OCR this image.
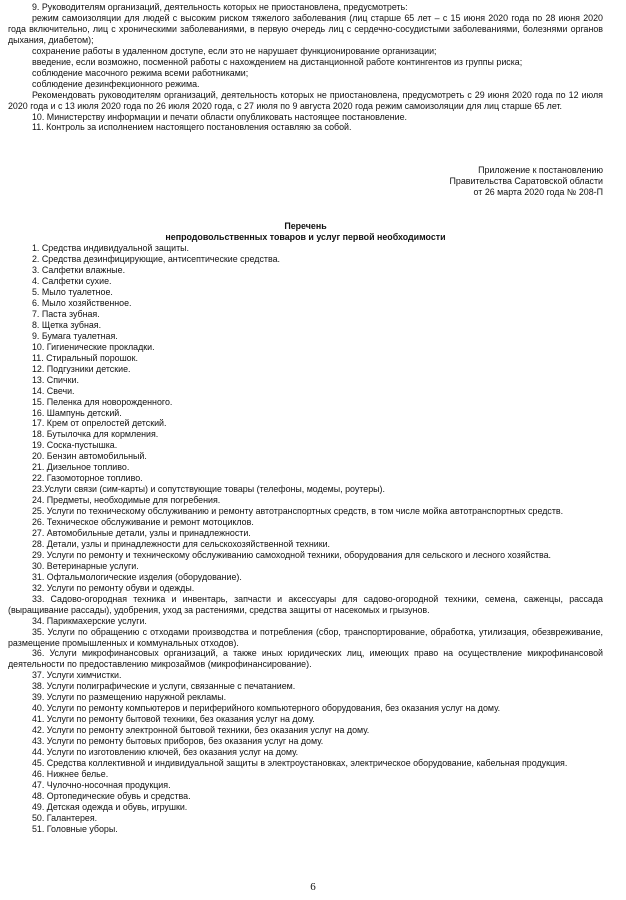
9. Руководителям организаций, деятельность которых не приостановлена, предусмотреть:

режим самоизоляции для людей с высоким риском тяжелого заболевания (лиц старше 65 лет – с 15 июня 2020 года по 28 июня 2020 года включительно, лиц с хроническими заболеваниями, в первую очередь лиц с сердечно-сосудистыми заболеваниями, болезнями органов дыхания, диабетом);

сохранение работы в удаленном доступе, если это не нарушает функционирование организации;

введение, если возможно, посменной работы с нахождением на дистанционной работе контингентов из группы риска;

соблюдение масочного режима всеми работниками;

соблюдение дезинфекционного режима.

Рекомендовать руководителям организаций, деятельность которых не приостановлена, предусмотреть с 29 июня 2020 года по 12 июля 2020 года и с 13 июля 2020 года по 26 июля 2020 года, с 27 июля по 9 августа 2020 года режим самоизоляции для лиц старше 65 лет.

10. Министерству информации и печати области опубликовать настоящее постановление.

11. Контроль за исполнением настоящего постановления оставляю за собой.

Приложение к постановлению
Правительства Саратовской области
от 26 марта 2020 года № 208-П

Перечень

непродовольственных товаров и услуг первой необходимости

1. Средства индивидуальной защиты.
2. Средства дезинфицирующие, антисептические средства.
3. Салфетки влажные.
4. Салфетки сухие.
5. Мыло туалетное.
6. Мыло хозяйственное.
7. Паста зубная.
8. Щетка зубная.
9. Бумага туалетная.
10. Гигиенические прокладки.
11. Стиральный порошок.
12. Подгузники детские.
13. Спички.
14. Свечи.
15. Пеленка для новорожденного.
16. Шампунь детский.
17. Крем от опрелостей детский.
18. Бутылочка для кормления.
19. Соска-пустышка.
20. Бензин автомобильный.
21. Дизельное топливо.
22. Газомоторное топливо.
23.Услуги связи (сим-карты) и сопутствующие товары (телефоны, модемы, роутеры).
24. Предметы, необходимые для погребения.
25. Услуги по техническому обслуживанию и ремонту автотранспортных средств, в том числе мойка автотранспортных средств.
26. Техническое обслуживание и ремонт мотоциклов.
27. Автомобильные детали, узлы и принадлежности.
28. Детали, узлы и принадлежности для сельскохозяйственной техники.
29. Услуги по ремонту и техническому обслуживанию самоходной техники, оборудования для сельского и лесного хозяйства.
30. Ветеринарные услуги.
31. Офтальмологические изделия (оборудование).
32. Услуги по ремонту обуви и одежды.
33. Садово-огородная техника и инвентарь, запчасти и аксессуары для садово-огородной техники, семена, саженцы, рассада (выращивание рассады), удобрения, уход за растениями, средства защиты от насекомых и грызунов.
34. Парикмахерские услуги.
35. Услуги по обращению с отходами производства и потребления (сбор, транспортирование, обработка, утилизация, обезвреживание, размещение промышленных и коммунальных отходов).
36. Услуги микрофинансовых организаций, а также иных юридических лиц, имеющих право на осуществление микрофинансовой деятельности по предоставлению микрозаймов (микрофинансирование).
37. Услуги химчистки.
38. Услуги полиграфические и услуги, связанные с печатанием.
39. Услуги по размещению наружной рекламы.
40. Услуги по ремонту компьютеров и периферийного компьютерного оборудования, без оказания услуг на дому.
41. Услуги по ремонту бытовой техники, без оказания услуг на дому.
42. Услуги по ремонту электронной бытовой техники, без оказания услуг на дому.
43. Услуги по ремонту бытовых приборов, без оказания услуг на дому.
44. Услуги по изготовлению ключей, без оказания услуг на дому.
45. Средства коллективной и индивидуальной защиты в электроустановках, электрическое оборудование, кабельная продукция.
46. Нижнее белье.
47. Чулочно-носочная продукция.
48. Ортопедические обувь и средства.
49. Детская одежда и обувь, игрушки.
50. Галантерея.
51. Головные уборы.
6
